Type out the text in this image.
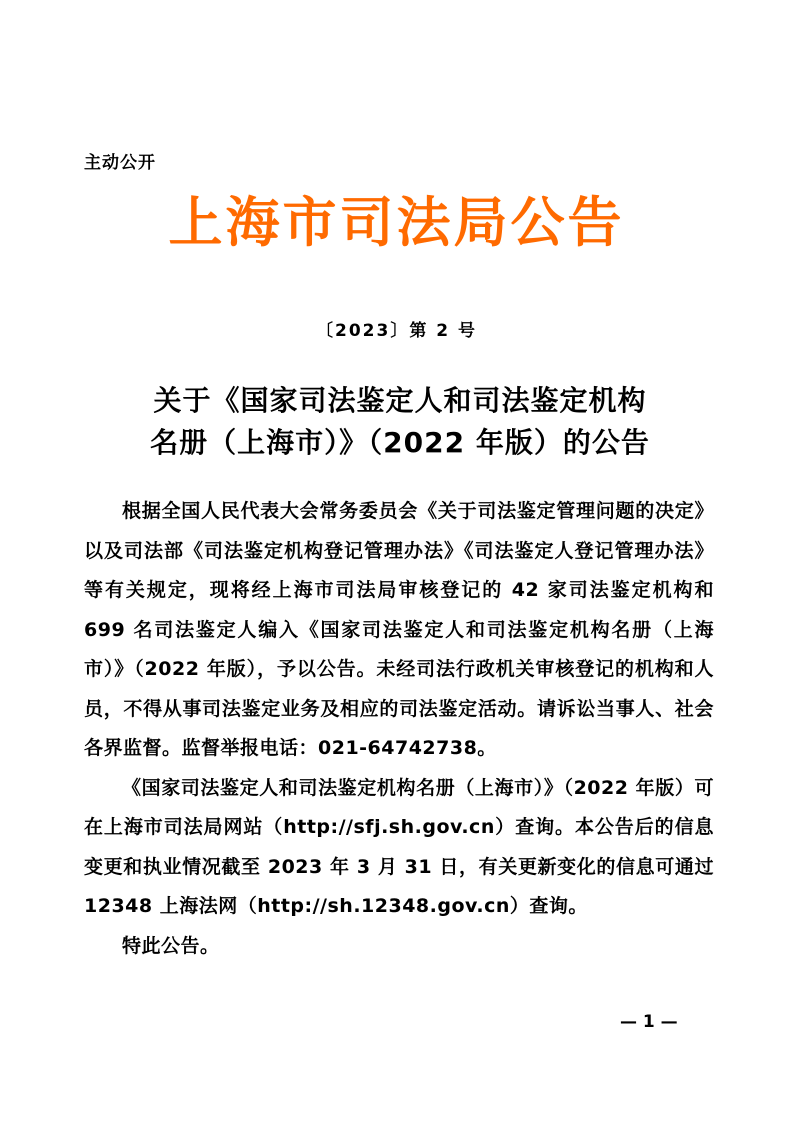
主动公开
上海市司法局公告
〔2023〕第 2 号
关于《国家司法鉴定人和司法鉴定机构
名册（上海市）》（2022 年版）的公告

根据全国人民代表大会常务委员会《关于司法鉴定管理问题的决定》以及司法部《司法鉴定机构登记管理办法》《司法鉴定人登记管理办法》等有关规定，现将经上海市司法局审核登记的 42 家司法鉴定机构和 699 名司法鉴定人编入《国家司法鉴定人和司法鉴定机构名册（上海市）》（2022 年版），予以公告。未经司法行政机关审核登记的机构和人员，不得从事司法鉴定业务及相应的司法鉴定活动。请诉讼当事人、社会各界监督。监督举报电话：021-64742738。

《国家司法鉴定人和司法鉴定机构名册（上海市）》（2022 年版）可在上海市司法局网站（http://sfj.sh.gov.cn）查询。本公告后的信息变更和执业情况截至 2023 年 3 月 31 日，有关更新变化的信息可通过 12348 上海法网（http://sh.12348.gov.cn）查询。

特此公告。

— 1 —
